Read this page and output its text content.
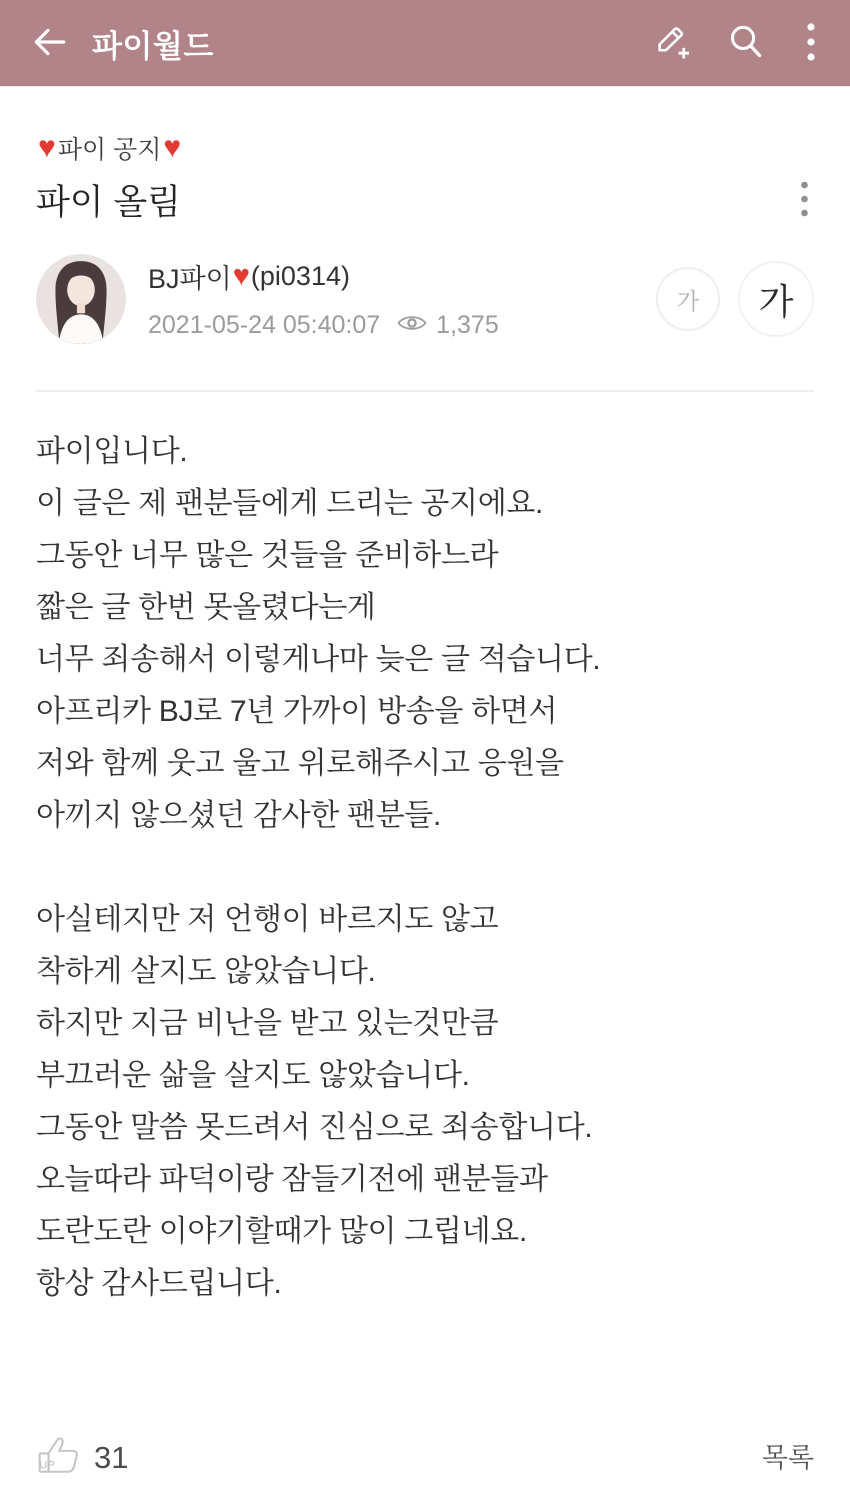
파이월드
♥ 파이 공지 ♥
파이 올림
BJ파이 ♥ (pi0314)
2021-05-24 05:40:07 1,375
가	가
파이입니다.
이 글은 제 팬분들에게 드리는 공지에요.
그동안 너무 많은 것들을 준비하느라
짧은 글 한번 못올렸다는게
너무 죄송해서 이렇게나마 늦은 글 적습니다.
아프리카 BJ로 7년 가까이 방송을 하면서
저와 함께 웃고 울고 위로해주시고 응원을
아끼지 않으셨던 감사한 팬분들.

아실테지만 저 언행이 바르지도 않고
착하게 살지도 않았습니다.
하지만 지금 비난을 받고 있는것만큼
부끄러운 삶을 살지도 않았습니다.
그동안 말씀 못드려서 진심으로 죄송합니다.
오늘따라 파덕이랑 잠들기전에 팬분들과
도란도란 이야기할때가 많이 그립네요.
항상 감사드립니다.
UP 31	목록
